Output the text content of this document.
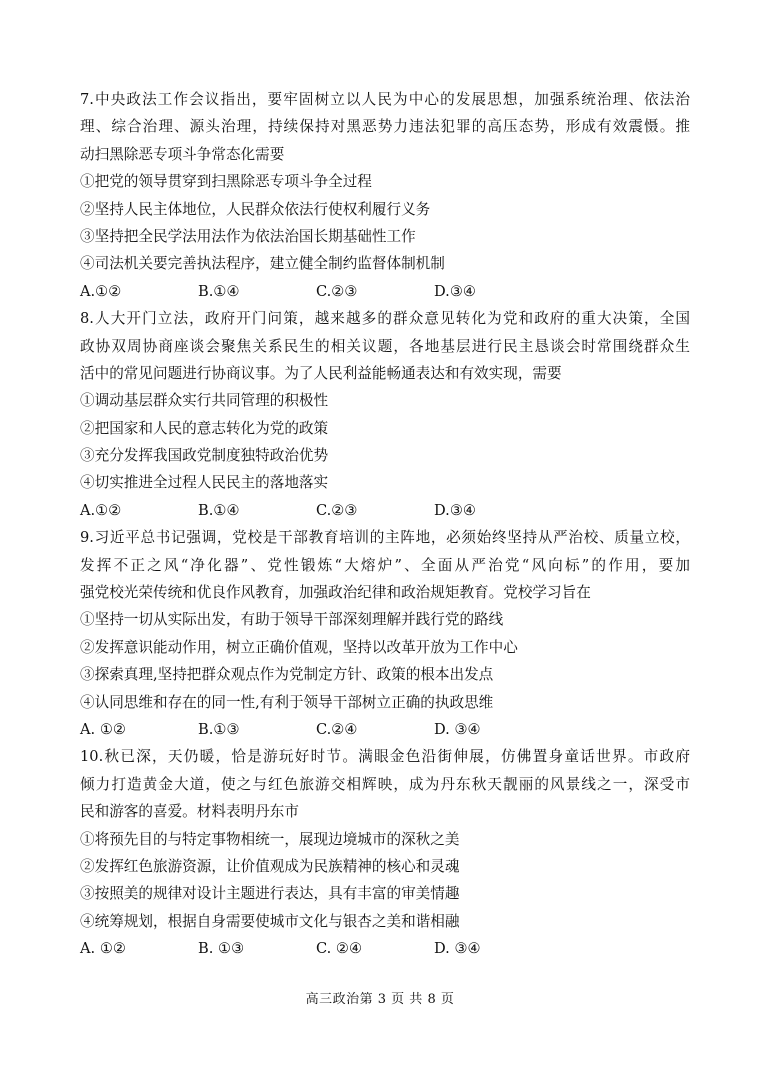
7.中央政法工作会议指出，要牢固树立以人民为中心的发展思想，加强系统治理、依法治
理、综合治理、源头治理，持续保持对黑恶势力违法犯罪的高压态势，形成有效震慑。推
动扫黑除恶专项斗争常态化需要
①把党的领导贯穿到扫黑除恶专项斗争全过程
②坚持人民主体地位，人民群众依法行使权利履行义务
③坚持把全民学法用法作为依法治国长期基础性工作
④司法机关要完善执法程序，建立健全制约监督体制机制
A.①②	B.①④	C.②③	D.③④
8.人大开门立法，政府开门问策，越来越多的群众意见转化为党和政府的重大决策，全国
政协双周协商座谈会聚焦关系民生的相关议题，各地基层进行民主恳谈会时常围绕群众生
活中的常见问题进行协商议事。为了人民利益能畅通表达和有效实现，需要
①调动基层群众实行共同管理的积极性
②把国家和人民的意志转化为党的政策
③充分发挥我国政党制度独特政治优势
④切实推进全过程人民民主的落地落实
A.①②	B.①④	C.②③	D.③④
9.习近平总书记强调，党校是干部教育培训的主阵地，必须始终坚持从严治校、质量立校，
发挥不正之风“净化器”、党性锻炼“大熔炉”、全面从严治党“风向标”的作用，要加
强党校光荣传统和优良作风教育，加强政治纪律和政治规矩教育。党校学习旨在
①坚持一切从实际出发，有助于领导干部深刻理解并践行党的路线
②发挥意识能动作用，树立正确价值观，坚持以改革开放为工作中心
③探索真理,坚持把群众观点作为党制定方针、政策的根本出发点
④认同思维和存在的同一性,有利于领导干部树立正确的执政思维
A. ①②	B.①③	C.②④	D. ③④
10.秋已深，天仍暖，恰是游玩好时节。满眼金色沿街伸展，仿佛置身童话世界。市政府
倾力打造黄金大道，使之与红色旅游交相辉映，成为丹东秋天靓丽的风景线之一，深受市
民和游客的喜爱。材料表明丹东市
①将预先目的与特定事物相统一，展现边境城市的深秋之美
②发挥红色旅游资源，让价值观成为民族精神的核心和灵魂
③按照美的规律对设计主题进行表达，具有丰富的审美情趣
④统筹规划，根据自身需要使城市文化与银杏之美和谐相融
A. ①②	B. ①③	C. ②④	D. ③④
高三政治第 3 页 共 8 页
